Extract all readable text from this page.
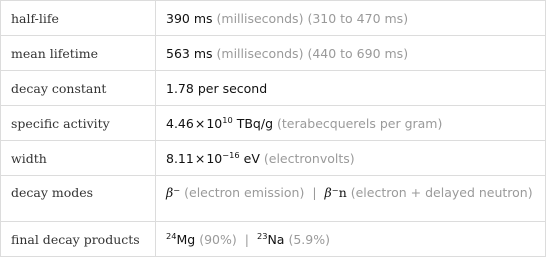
half-life	390 ms (milliseconds) (310 to 470 ms)
mean lifetime	563 ms (milliseconds) (440 to 690 ms)
decay constant	1.78 per second
specific activity	$4.46\times 10^{10}$ TBq/g (terabecquerels per gram)
width	$8.11\times 10^{-16}$ eV (electronvolts)
decay modes	β− (electron emission) | β−n (electron + delayed neutron)
final decay products	$^{24}$Mg (90%) | $^{23}$Na (5.9%)
